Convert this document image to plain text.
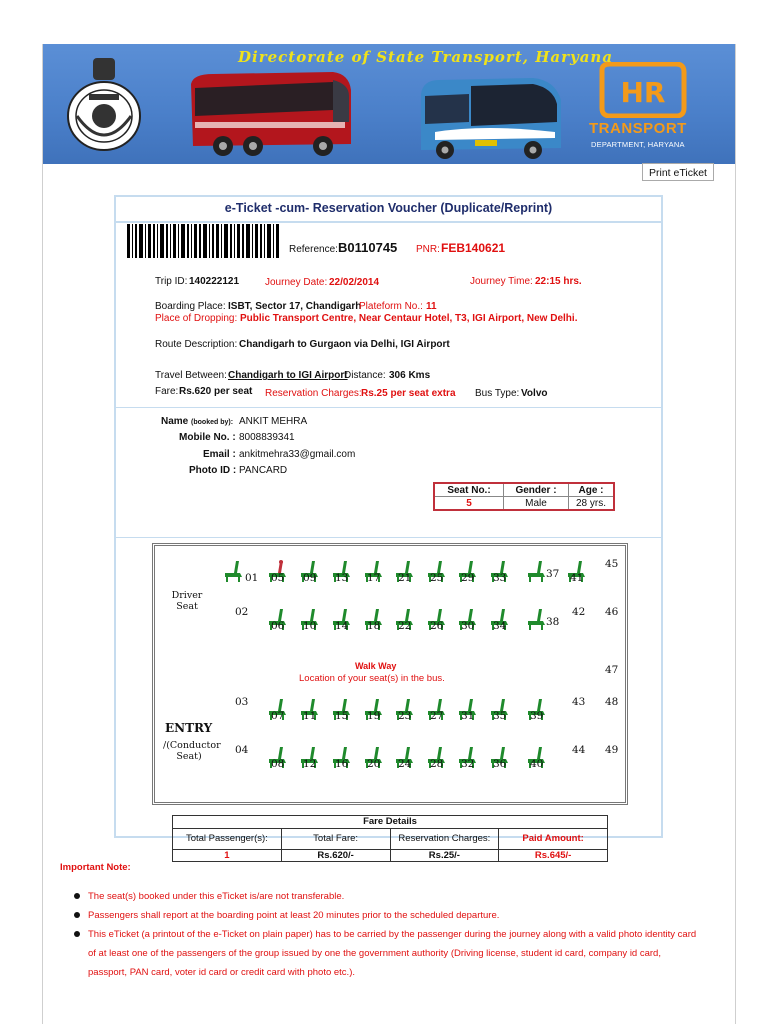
Directorate of State Transport, Haryana
HR
TRANSPORT
DEPARTMENT, HARYANA
Print eTicket
e-Ticket -cum- Reservation Voucher (Duplicate/Reprint)
Reference: B0110745 PNR: FEB140621
Trip ID: 140222121	Journey Date: 22/02/2014	Journey Time: 22:15 hrs.
Boarding Place: ISBT, Sector 17, Chandigarh
Plateform No.: 11
Place of Dropping: Public Transport Centre, Near Centaur Hotel, T3, IGI Airport, New Delhi.
Route Description: Chandigarh to Gurgaon via Delhi, IGI Airport
Travel Between: Chandigarh to IGI Airport
Distance: 306 Kms
Fare: Rs.620 per seat Reservation Charges: Rs.25 per seat extra Bus Type: Volvo
Name (booked by): ANKIT MEHRA
Mobile No. : 8008839341
Email : ankitmehra33@gmail.com
Photo ID : PANCARD
Seat No.:	Gender :	Age :
5	Male	28 yrs.
Driver
Seat
Walk Way
Location of your seat(s) in the bus.
ENTRY
/(Conductor
Seat)
01 05 09 13 17 21 25 29 33	37 41
45
02
06 10 14 18 22 26 30 34	38
42 46
03
07 11 15 19 23 27 31 35 39
43 48
04
08 12 16 20 24 28 32 36 40
44 49
47
Fare Details			
Total Passenger(s):	Total Fare:	Reservation Charges:	Paid Amount:
1	Rs.620/-	Rs.25/-	Rs.645/-
Important Note:
The seat(s) booked under this eTicket is/are not transferable.
Passengers shall report at the boarding point at least 20 minutes prior to the scheduled departure.
This eTicket (a printout of the e-Ticket on plain paper) has to be carried by the passenger during the journey along with a valid photo identity card of at least one of the passengers of the group issued by one the government authority (Driving license, student id card, company id card, passport, PAN card, voter id card or credit card with photo etc.).
